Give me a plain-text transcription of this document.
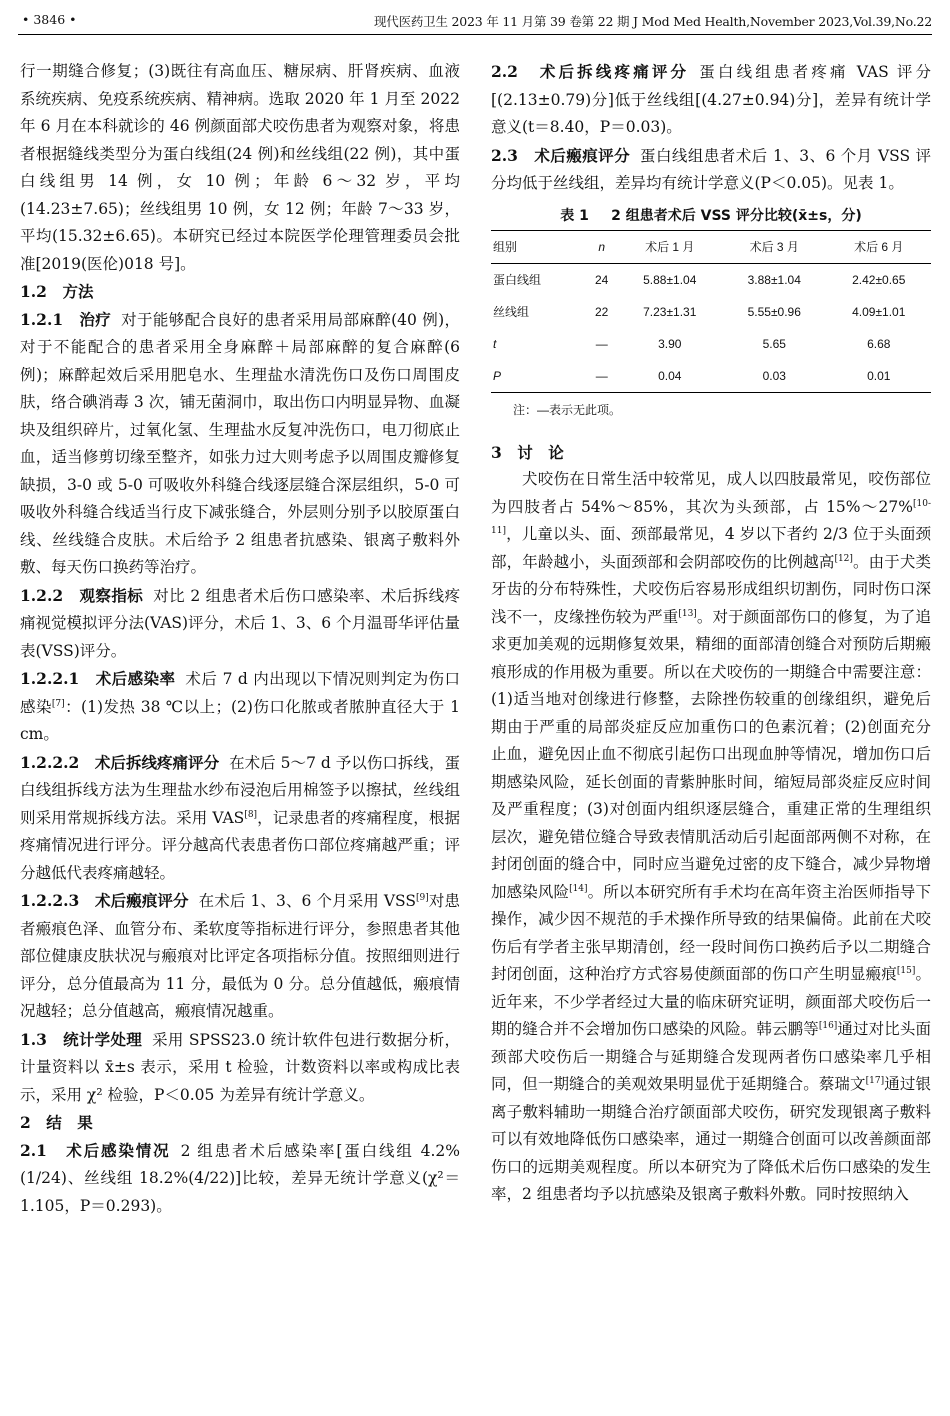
• 3846 •	现代医药卫生 2023 年 11 月第 39 卷第 22 期 J Mod Med Health,November 2023,Vol.39,No.22

行一期缝合修复；(3)既往有高血压、糖尿病、肝肾疾病、血液系统疾病、免疫系统疾病、精神病。选取 2020 年 1 月至 2022 年 6 月在本科就诊的 46 例颜面部犬咬伤患者为观察对象，将患者根据缝线类型分为蛋白线组(24 例)和丝线组(22 例)，其中蛋白线组男 14 例，女 10 例；年龄 6～32 岁，平均(14.23±7.65)；丝线组男 10 例，女 12 例；年龄 7～33 岁，平均(15.32±6.65)。本研究已经过本院医学伦理管理委员会批准[2019(医伦)018 号]。

1.2　方法

1.2.1　治疗 对于能够配合良好的患者采用局部麻醉(40 例)，对于不能配合的患者采用全身麻醉＋局部麻醉的复合麻醉(6 例)；麻醉起效后采用肥皂水、生理盐水清洗伤口及伤口周围皮肤，络合碘消毒 3 次，铺无菌洞巾，取出伤口内明显异物、血凝块及组织碎片，过氧化氢、生理盐水反复冲洗伤口，电刀彻底止血，适当修剪切缘至整齐，如张力过大则考虑予以周围皮瓣修复缺损，3-0 或 5-0 可吸收外科缝合线逐层缝合深层组织，5-0 可吸收外科缝合线适当行皮下减张缝合，外层则分别予以胶原蛋白线、丝线缝合皮肤。术后给予 2 组患者抗感染、银离子敷料外敷、每天伤口换药等治疗。

1.2.2　观察指标 对比 2 组患者术后伤口感染率、术后拆线疼痛视觉模拟评分法(VAS)评分，术后 1、3、6 个月温哥华评估量表(VSS)评分。

1.2.2.1　术后感染率 术后 7 d 内出现以下情况则判定为伤口感染[7]：(1)发热 38 ℃以上；(2)伤口化脓或者脓肿直径大于 1 cm。

1.2.2.2　术后拆线疼痛评分 在术后 5～7 d 予以伤口拆线，蛋白线组拆线方法为生理盐水纱布浸泡后用棉签予以擦拭，丝线组则采用常规拆线方法。采用 VAS[8]，记录患者的疼痛程度，根据疼痛情况进行评分。评分越高代表患者伤口部位疼痛越严重；评分越低代表疼痛越轻。

1.2.2.3　术后瘢痕评分 在术后 1、3、6 个月采用 VSS[9]对患者瘢痕色泽、血管分布、柔软度等指标进行评分，参照患者其他部位健康皮肤状况与瘢痕对比评定各项指标分值。按照细则进行评分，总分值最高为 11 分，最低为 0 分。总分值越低，瘢痕情况越轻；总分值越高，瘢痕情况越重。

1.3　统计学处理 采用 SPSS23.0 统计软件包进行数据分析，计量资料以 x̄±s 表示，采用 t 检验，计数资料以率或构成比表示，采用 χ² 检验，P＜0.05 为差异有统计学意义。

2　结　果

2.1　术后感染情况 2 组患者术后感染率[蛋白线组 4.2%(1/24)、丝线组 18.2%(4/22)]比较，差异无统计学意义(χ²＝1.105，P＝0.293)。

2.2　术后拆线疼痛评分 蛋白线组患者疼痛 VAS 评分[(2.13±0.79)分]低于丝线组[(4.27±0.94)分]，差异有统计学意义(t＝8.40，P＝0.03)。

2.3　术后瘢痕评分 蛋白线组患者术后 1、3、6 个月 VSS 评分均低于丝线组，差异均有统计学意义(P＜0.05)。见表 1。

表 1 2 组患者术后 VSS 评分比较(x̄±s，分)
组别	n	术后 1 月	术后 3 月	术后 6 月
蛋白线组	24	5.88±1.04	3.88±1.04	2.42±0.65
丝线组	22	7.23±1.31	5.55±0.96	4.09±1.01
t	—	3.90	5.65	6.68
P	—	0.04	0.03	0.01
注：—表示无此项。

3　讨　论

犬咬伤在日常生活中较常见，成人以四肢最常见，咬伤部位为四肢者占 54%～85%，其次为头颈部，占 15%～27%[10-11]，儿童以头、面、颈部最常见，4 岁以下者约 2/3 位于头面颈部，年龄越小，头面颈部和会阴部咬伤的比例越高[12]。由于犬类牙齿的分布特殊性，犬咬伤后容易形成组织切割伤，同时伤口深浅不一，皮缘挫伤较为严重[13]。对于颜面部伤口的修复，为了追求更加美观的远期修复效果，精细的面部清创缝合对预防后期瘢痕形成的作用极为重要。所以在犬咬伤的一期缝合中需要注意：(1)适当地对创缘进行修整，去除挫伤较重的创缘组织，避免后期由于严重的局部炎症反应加重伤口的色素沉着；(2)创面充分止血，避免因止血不彻底引起伤口出现血肿等情况，增加伤口后期感染风险，延长创面的青紫肿胀时间，缩短局部炎症反应时间及严重程度；(3)对创面内组织逐层缝合，重建正常的生理组织层次，避免错位缝合导致表情肌活动后引起面部两侧不对称，在封闭创面的缝合中，同时应当避免过密的皮下缝合，减少异物增加感染风险[14]。所以本研究所有手术均在高年资主治医师指导下操作，减少因不规范的手术操作所导致的结果偏倚。此前在犬咬伤后有学者主张早期清创，经一段时间伤口换药后予以二期缝合封闭创面，这种治疗方式容易使颜面部的伤口产生明显瘢痕[15]。近年来，不少学者经过大量的临床研究证明，颜面部犬咬伤后一期的缝合并不会增加伤口感染的风险。韩云鹏等[16]通过对比头面颈部犬咬伤后一期缝合与延期缝合发现两者伤口感染率几乎相同，但一期缝合的美观效果明显优于延期缝合。蔡瑞文[17]通过银离子敷料辅助一期缝合治疗颌面部犬咬伤，研究发现银离子敷料可以有效地降低伤口感染率，通过一期缝合创面可以改善颜面部伤口的远期美观程度。所以本研究为了降低术后伤口感染的发生率，2 组患者均予以抗感染及银离子敷料外敷。同时按照纳入
